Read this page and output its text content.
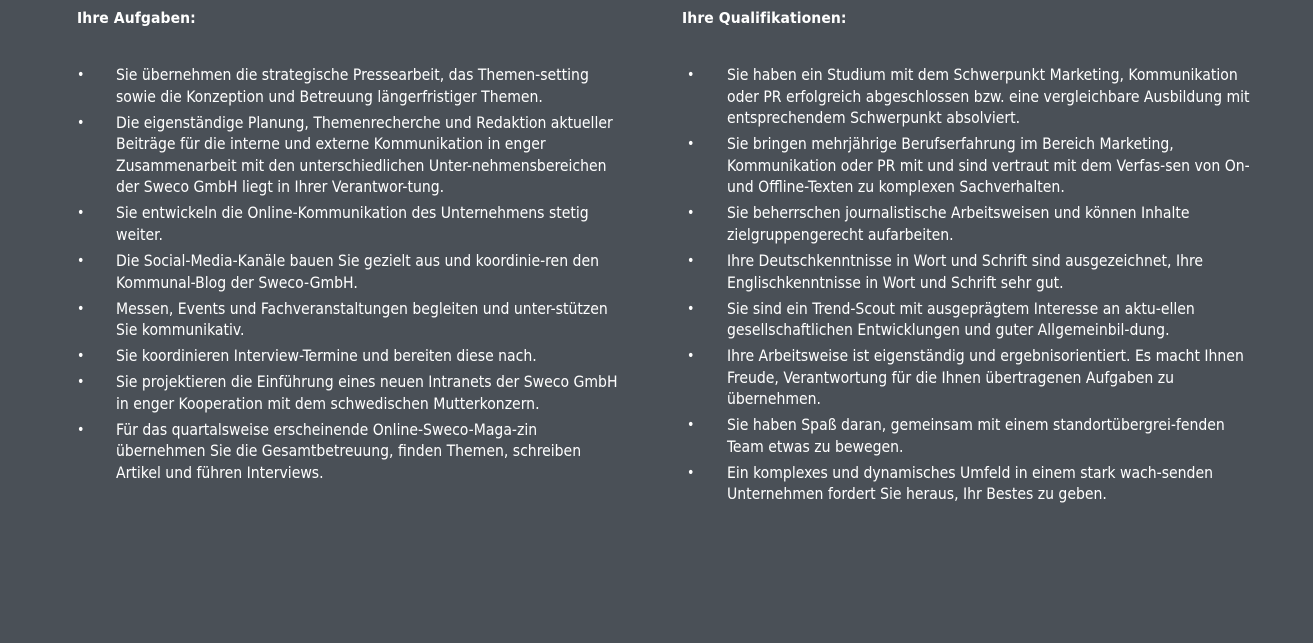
Ihre Aufgaben:
• Sie übernehmen die strategische Pressearbeit, das Themen-setting sowie die Konzeption und Betreuung längerfristiger Themen.
• Die eigenständige Planung, Themenrecherche und Redaktion aktueller Beiträge für die interne und externe Kommunikation in enger Zusammenarbeit mit den unterschiedlichen Unter-nehmensbereichen der Sweco GmbH liegt in Ihrer Verantwor-tung.
• Sie entwickeln die Online-Kommunikation des Unternehmens stetig weiter.
• Die Social-Media-Kanäle bauen Sie gezielt aus und koordinie-ren den Kommunal-Blog der Sweco-GmbH.
• Messen, Events und Fachveranstaltungen begleiten und unter-stützen Sie kommunikativ.
• Sie koordinieren Interview-Termine und bereiten diese nach.
• Sie projektieren die Einführung eines neuen Intranets der Sweco GmbH in enger Kooperation mit dem schwedischen Mutterkonzern.
• Für das quartalsweise erscheinende Online-Sweco-Maga-zin übernehmen Sie die Gesamtbetreuung, finden Themen, schreiben Artikel und führen Interviews.
Ihre Qualifikationen:
• Sie haben ein Studium mit dem Schwerpunkt Marketing, Kommunikation oder PR erfolgreich abgeschlossen bzw. eine vergleichbare Ausbildung mit entsprechendem Schwerpunkt absolviert.
• Sie bringen mehrjährige Berufserfahrung im Bereich Marketing, Kommunikation oder PR mit und sind vertraut mit dem Verfas-sen von On- und Offline-Texten zu komplexen Sachverhalten.
• Sie beherrschen journalistische Arbeitsweisen und können Inhalte zielgruppengerecht aufarbeiten.
• Ihre Deutschkenntnisse in Wort und Schrift sind ausgezeichnet, Ihre Englischkenntnisse in Wort und Schrift sehr gut.
• Sie sind ein Trend-Scout mit ausgeprägtem Interesse an aktu-ellen gesellschaftlichen Entwicklungen und guter Allgemeinbil-dung.
• Ihre Arbeitsweise ist eigenständig und ergebnisorientiert. Es macht Ihnen Freude, Verantwortung für die Ihnen übertragenen Aufgaben zu übernehmen.
• Sie haben Spaß daran, gemeinsam mit einem standortübergrei-fenden Team etwas zu bewegen.
• Ein komplexes und dynamisches Umfeld in einem stark wach-senden Unternehmen fordert Sie heraus, Ihr Bestes zu geben.
